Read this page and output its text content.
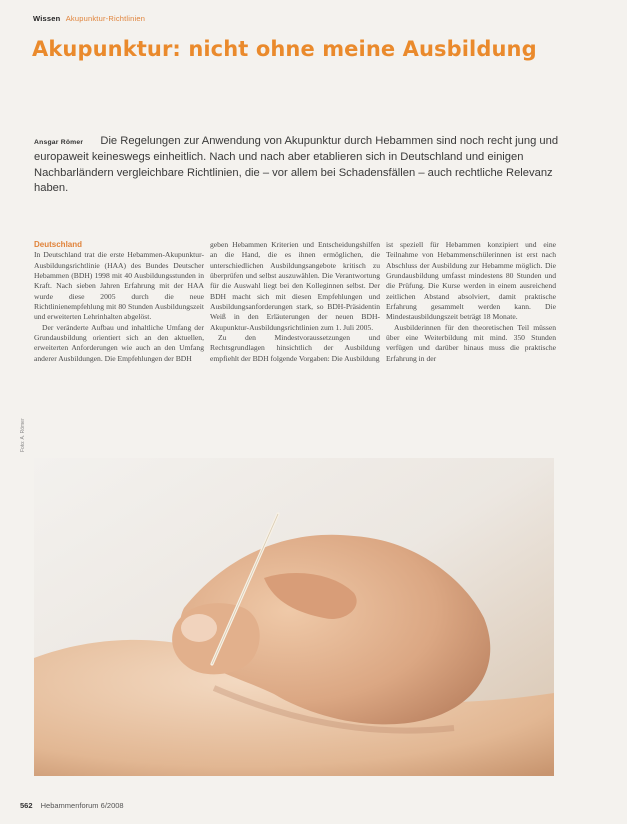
Wissen Akupunktur-Richtlinien
Akupunktur: nicht ohne meine Ausbildung
Ansgar Römer Die Regelungen zur Anwendung von Akupunktur durch Hebammen sind noch recht jung und europaweit keineswegs einheitlich. Nach und nach aber etablieren sich in Deutschland und einigen Nachbarländern vergleichbare Richtlinien, die – vor allem bei Schadensfällen – auch rechtliche Relevanz haben.
Deutschland

In Deutschland trat die erste Hebammen-Akupunktur-Ausbildungsrichtlinie (HAA) des Bundes Deutscher Hebammen (BDH) 1998 mit 40 Ausbildungsstunden in Kraft. Nach sieben Jahren Erfahrung mit der HAA wurde diese 2005 durch die neue Richtlinienempfehlung mit 80 Stunden Ausbildungszeit und erweiterten Lehrinhalten abgelöst.

Der veränderte Aufbau und inhaltliche Umfang der Grundausbildung orientiert sich an den aktuellen, erweiterten Anforderungen wie auch an den Umfang anderer Ausbildungen. Die Empfehlungen der BDH

geben Hebammen Kriterien und Entscheidungshilfen an die Hand, die es ihnen ermöglichen, die unterschiedlichen Ausbildungsangebote kritisch zu überprüfen und selbst auszuwählen. Die Verantwortung für die Auswahl liegt bei den Kolleginnen selbst. Der BDH macht sich mit diesen Empfehlungen und Ausbildungsanforderungen stark, so BDH-Präsidentin Weiß in den Erläuterungen der neuen BDH-Akupunktur-Ausbildungsrichtlinien zum 1. Juli 2005.

Zu den Mindestvoraussetzungen und Rechtsgrundlagen hinsichtlich der Ausbildung empfiehlt der BDH folgende Vorgaben: Die Ausbildung

ist speziell für Hebammen konzipiert und eine Teilnahme von Hebammenschülerinnen ist erst nach Abschluss der Ausbildung zur Hebamme möglich. Die Grundausbildung umfasst mindestens 80 Stunden und die Prüfung. Die Kurse werden in einem ausreichend zeitlichen Abstand absolviert, damit praktische Erfahrung gesammelt werden kann. Die Mindestausbildungszeit beträgt 18 Monate.

Ausbilderinnen für den theoretischen Teil müssen über eine Weiterbildung mit mind. 350 Stunden verfügen und darüber hinaus muss die praktische Erfahrung in der

Foto: A. Römer
562 Hebammenforum 6/2008
